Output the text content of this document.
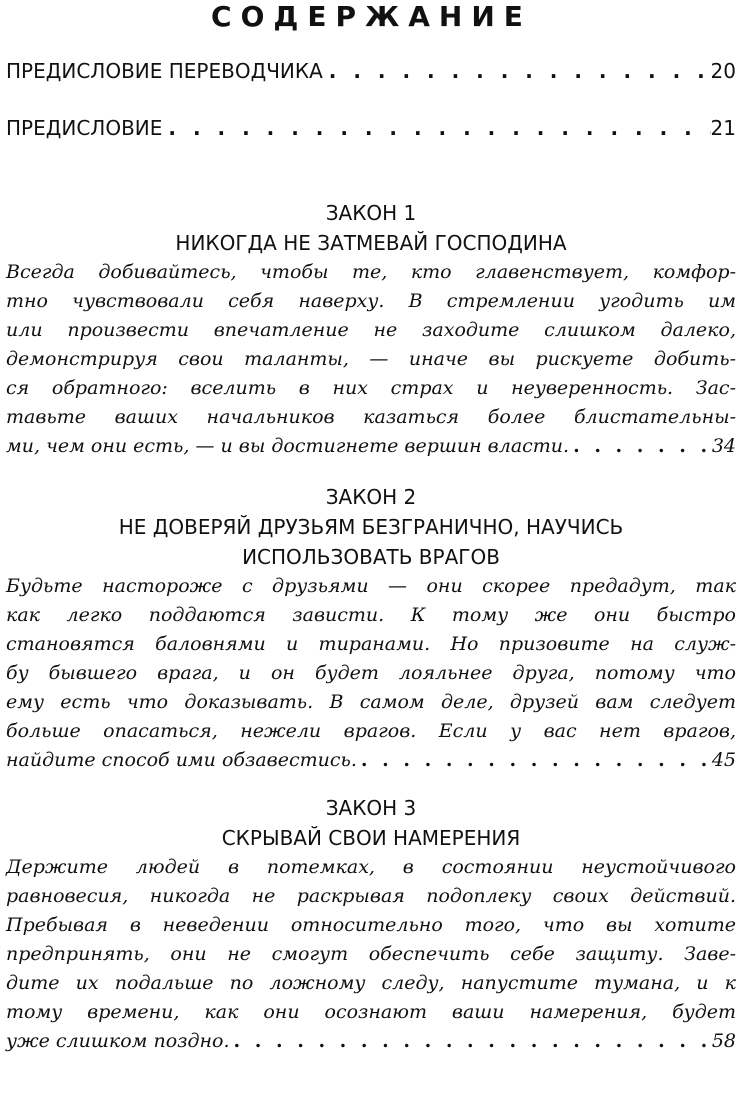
СОДЕРЖАНИЕ
ПРЕДИСЛОВИЕ ПЕРЕВОДЧИКА . . .	20
ПРЕДИСЛОВИЕ . . .	21
ЗАКОН 1
НИКОГДА НЕ ЗАТМЕВАЙ ГОСПОДИНА
Всегда добивайтесь, чтобы те, кто главенствует, комфор-
тно чувствовали себя наверху. В стремлении угодить им
или произвести впечатление не заходите слишком далеко,
демонстрируя свои таланты, — иначе вы рискуете добить-
ся обратного: вселить в них страх и неуверенность. Зас-
тавьте ваших начальников казаться более блистательны-
ми, чем они есть, — и вы достигнете вершин власти. . . .	34
ЗАКОН 2
НЕ ДОВЕРЯЙ ДРУЗЬЯМ БЕЗГРАНИЧНО, НАУЧИСЬ
ИСПОЛЬЗОВАТЬ ВРАГОВ
Будьте настороже с друзьями — они скорее предадут, так
как легко поддаются зависти. К тому же они быстро
становятся баловнями и тиранами. Но призовите на служ-
бу бывшего врага, и он будет лояльнее друга, потому что
ему есть что доказывать. В самом деле, друзей вам следует
больше опасаться, нежели врагов. Если у вас нет врагов,
найдите способ ими обзавестись. . . .	45
ЗАКОН 3
СКРЫВАЙ СВОИ НАМЕРЕНИЯ
Держите людей в потемках, в состоянии неустойчивого
равновесия, никогда не раскрывая подоплеку своих действий.
Пребывая в неведении относительно того, что вы хотите
предпринять, они не смогут обеспечить себе защиту. Заве-
дите их подальше по ложному следу, напустите тумана, и к
тому времени, как они осознают ваши намерения, будет
уже слишком поздно. . . .	58
